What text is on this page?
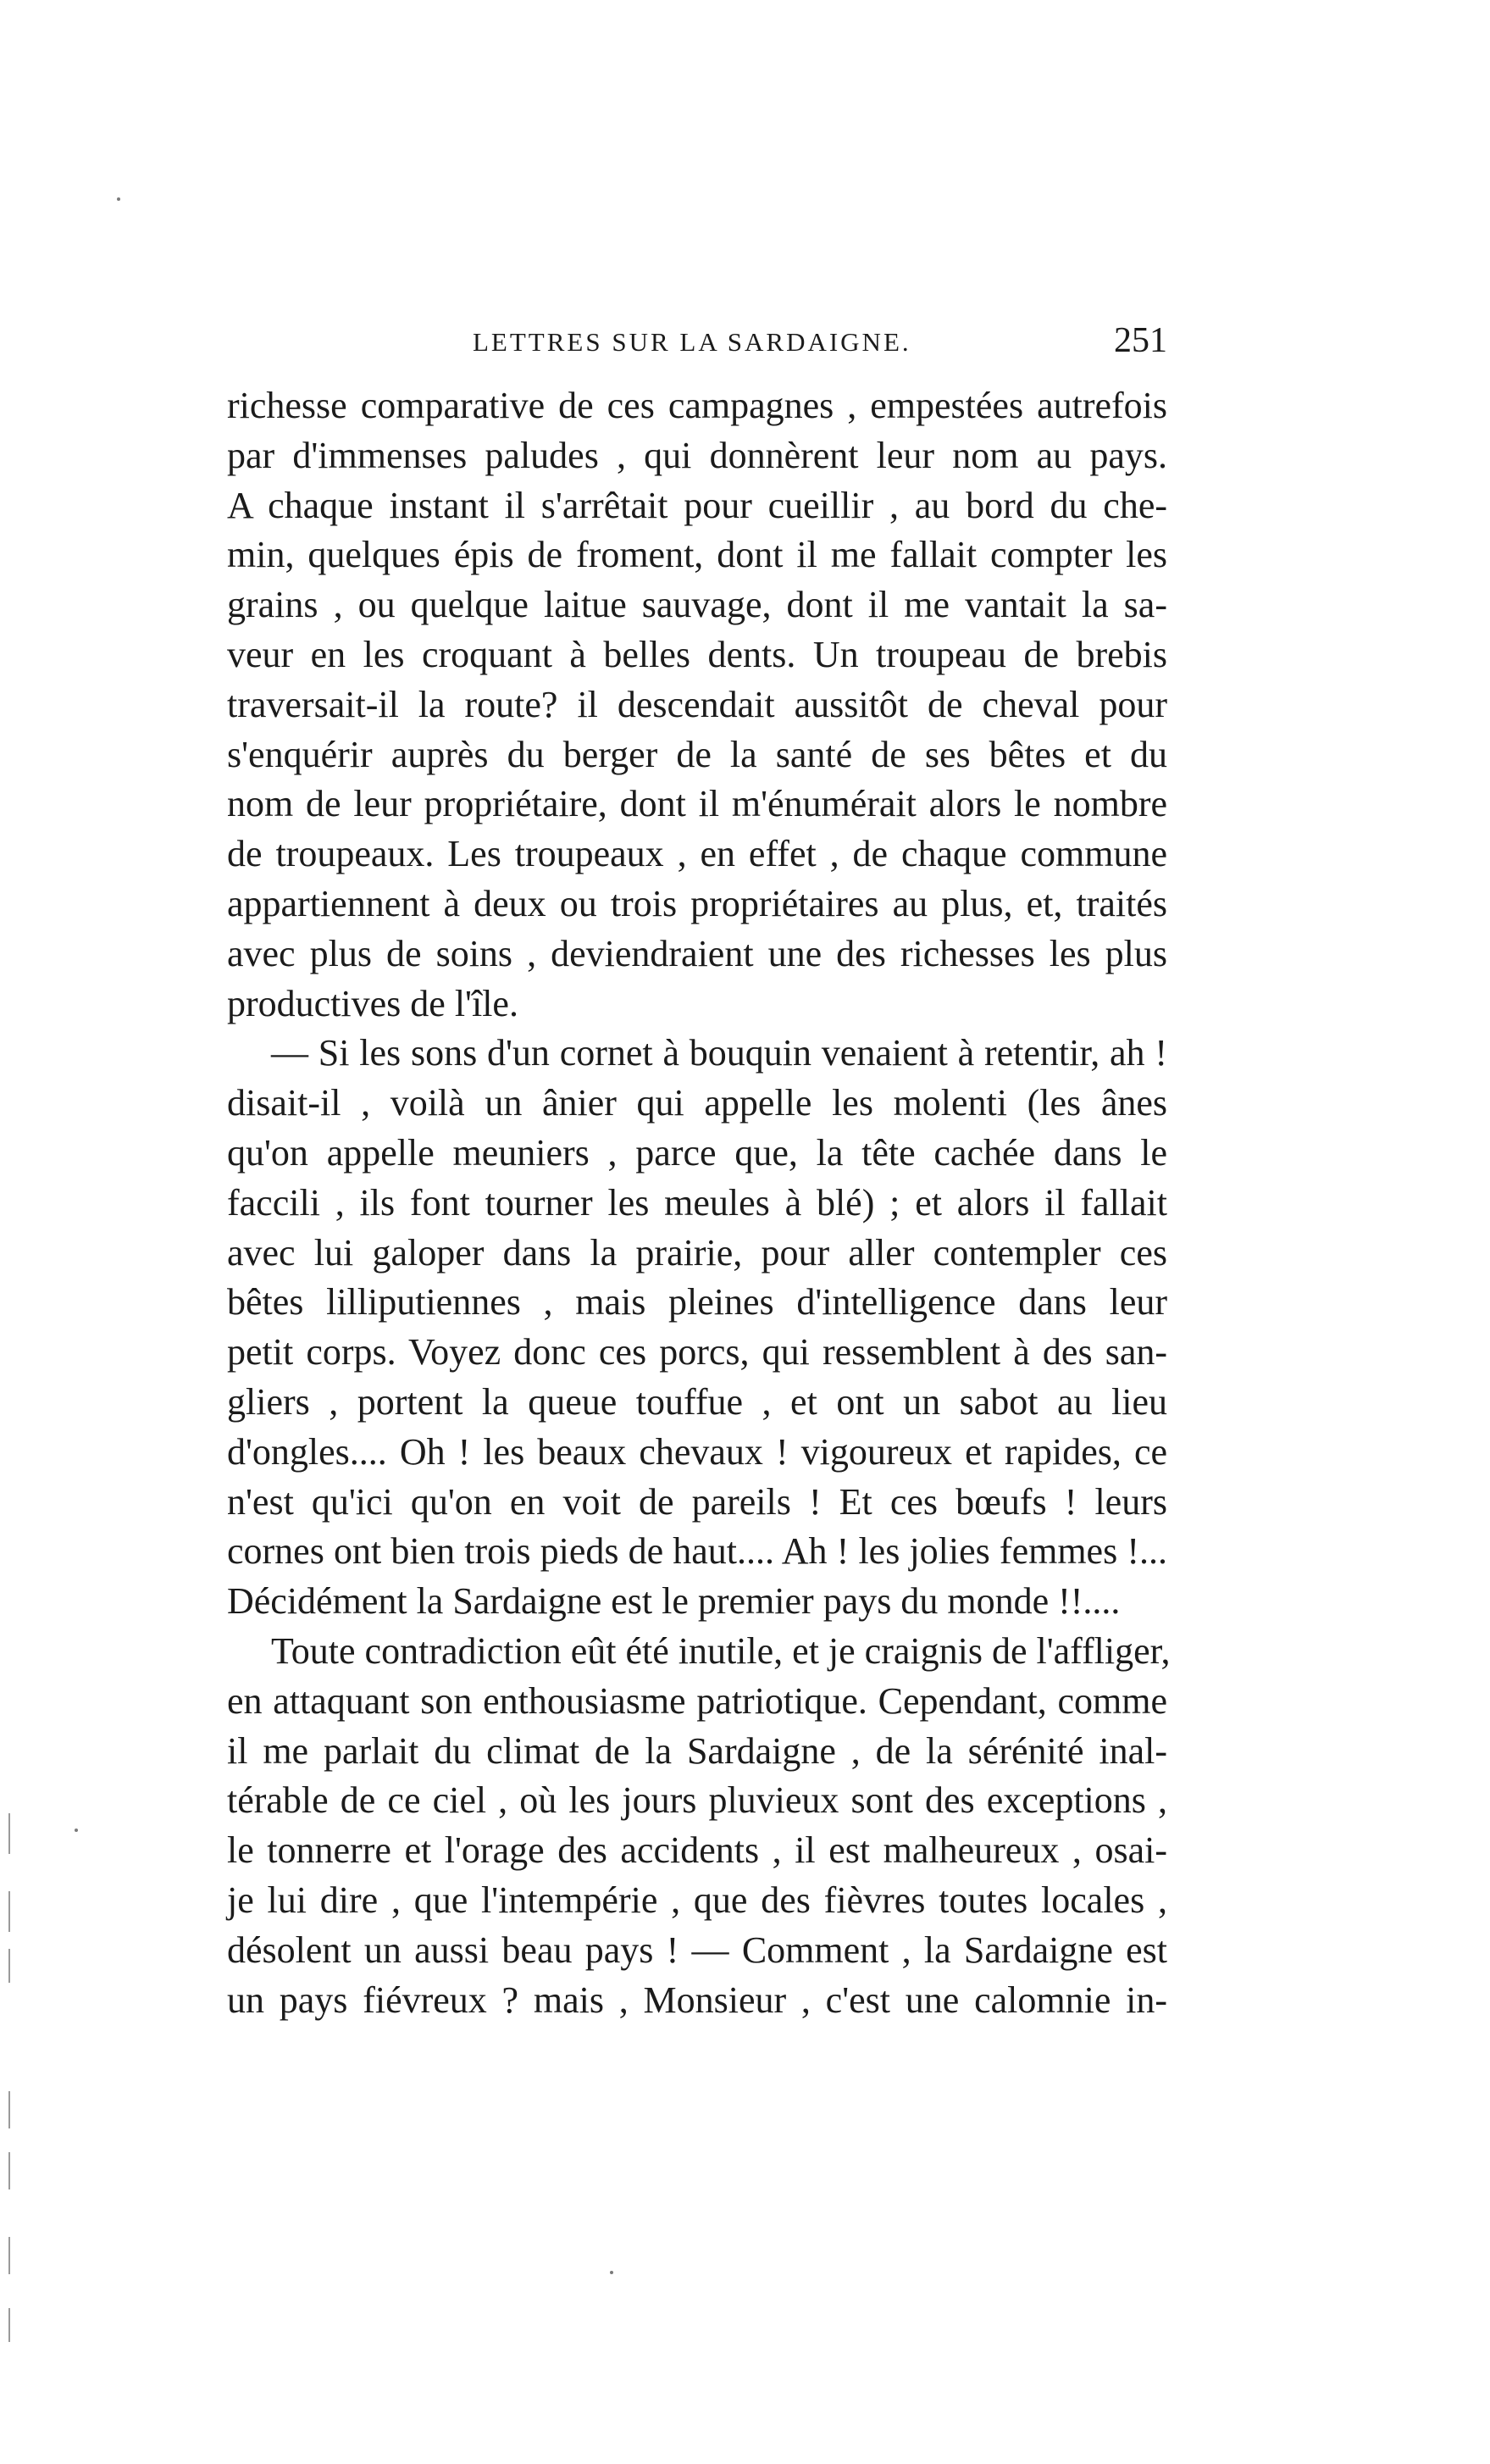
LETTRES SUR LA SARDAIGNE.	251
richesse comparative de ces campagnes , empestées autrefois
par d'immenses paludes , qui donnèrent leur nom au pays.
A chaque instant il s'arrêtait pour cueillir , au bord du che-
min, quelques épis de froment, dont il me fallait compter les
grains , ou quelque laitue sauvage, dont il me vantait la sa-
veur en les croquant à belles dents. Un troupeau de brebis
traversait-il la route? il descendait aussitôt de cheval pour
s'enquérir auprès du berger de la santé de ses bêtes et du
nom de leur propriétaire, dont il m'énumérait alors le nombre
de troupeaux. Les troupeaux , en effet , de chaque commune
appartiennent à deux ou trois propriétaires au plus, et, traités
avec plus de soins , deviendraient une des richesses les plus
productives de l'île.
— Si les sons d'un cornet à bouquin venaient à retentir, ah !
disait-il , voilà un ânier qui appelle les molenti (les ânes
qu'on appelle meuniers , parce que, la tête cachée dans le
faccili , ils font tourner les meules à blé) ; et alors il fallait
avec lui galoper dans la prairie, pour aller contempler ces
bêtes lilliputiennes , mais pleines d'intelligence dans leur
petit corps. Voyez donc ces porcs, qui ressemblent à des san-
gliers , portent la queue touffue , et ont un sabot au lieu
d'ongles.... Oh ! les beaux chevaux ! vigoureux et rapides, ce
n'est qu'ici qu'on en voit de pareils ! Et ces bœufs ! leurs
cornes ont bien trois pieds de haut.... Ah ! les jolies femmes !...
Décidément la Sardaigne est le premier pays du monde !!....
Toute contradiction eût été inutile, et je craignis de l'affliger,
en attaquant son enthousiasme patriotique. Cependant, comme
il me parlait du climat de la Sardaigne , de la sérénité inal-
térable de ce ciel , où les jours pluvieux sont des exceptions ,
le tonnerre et l'orage des accidents , il est malheureux , osai-
je lui dire , que l'intempérie , que des fièvres toutes locales ,
désolent un aussi beau pays ! — Comment , la Sardaigne est
un pays fiévreux ? mais , Monsieur , c'est une calomnie in-
